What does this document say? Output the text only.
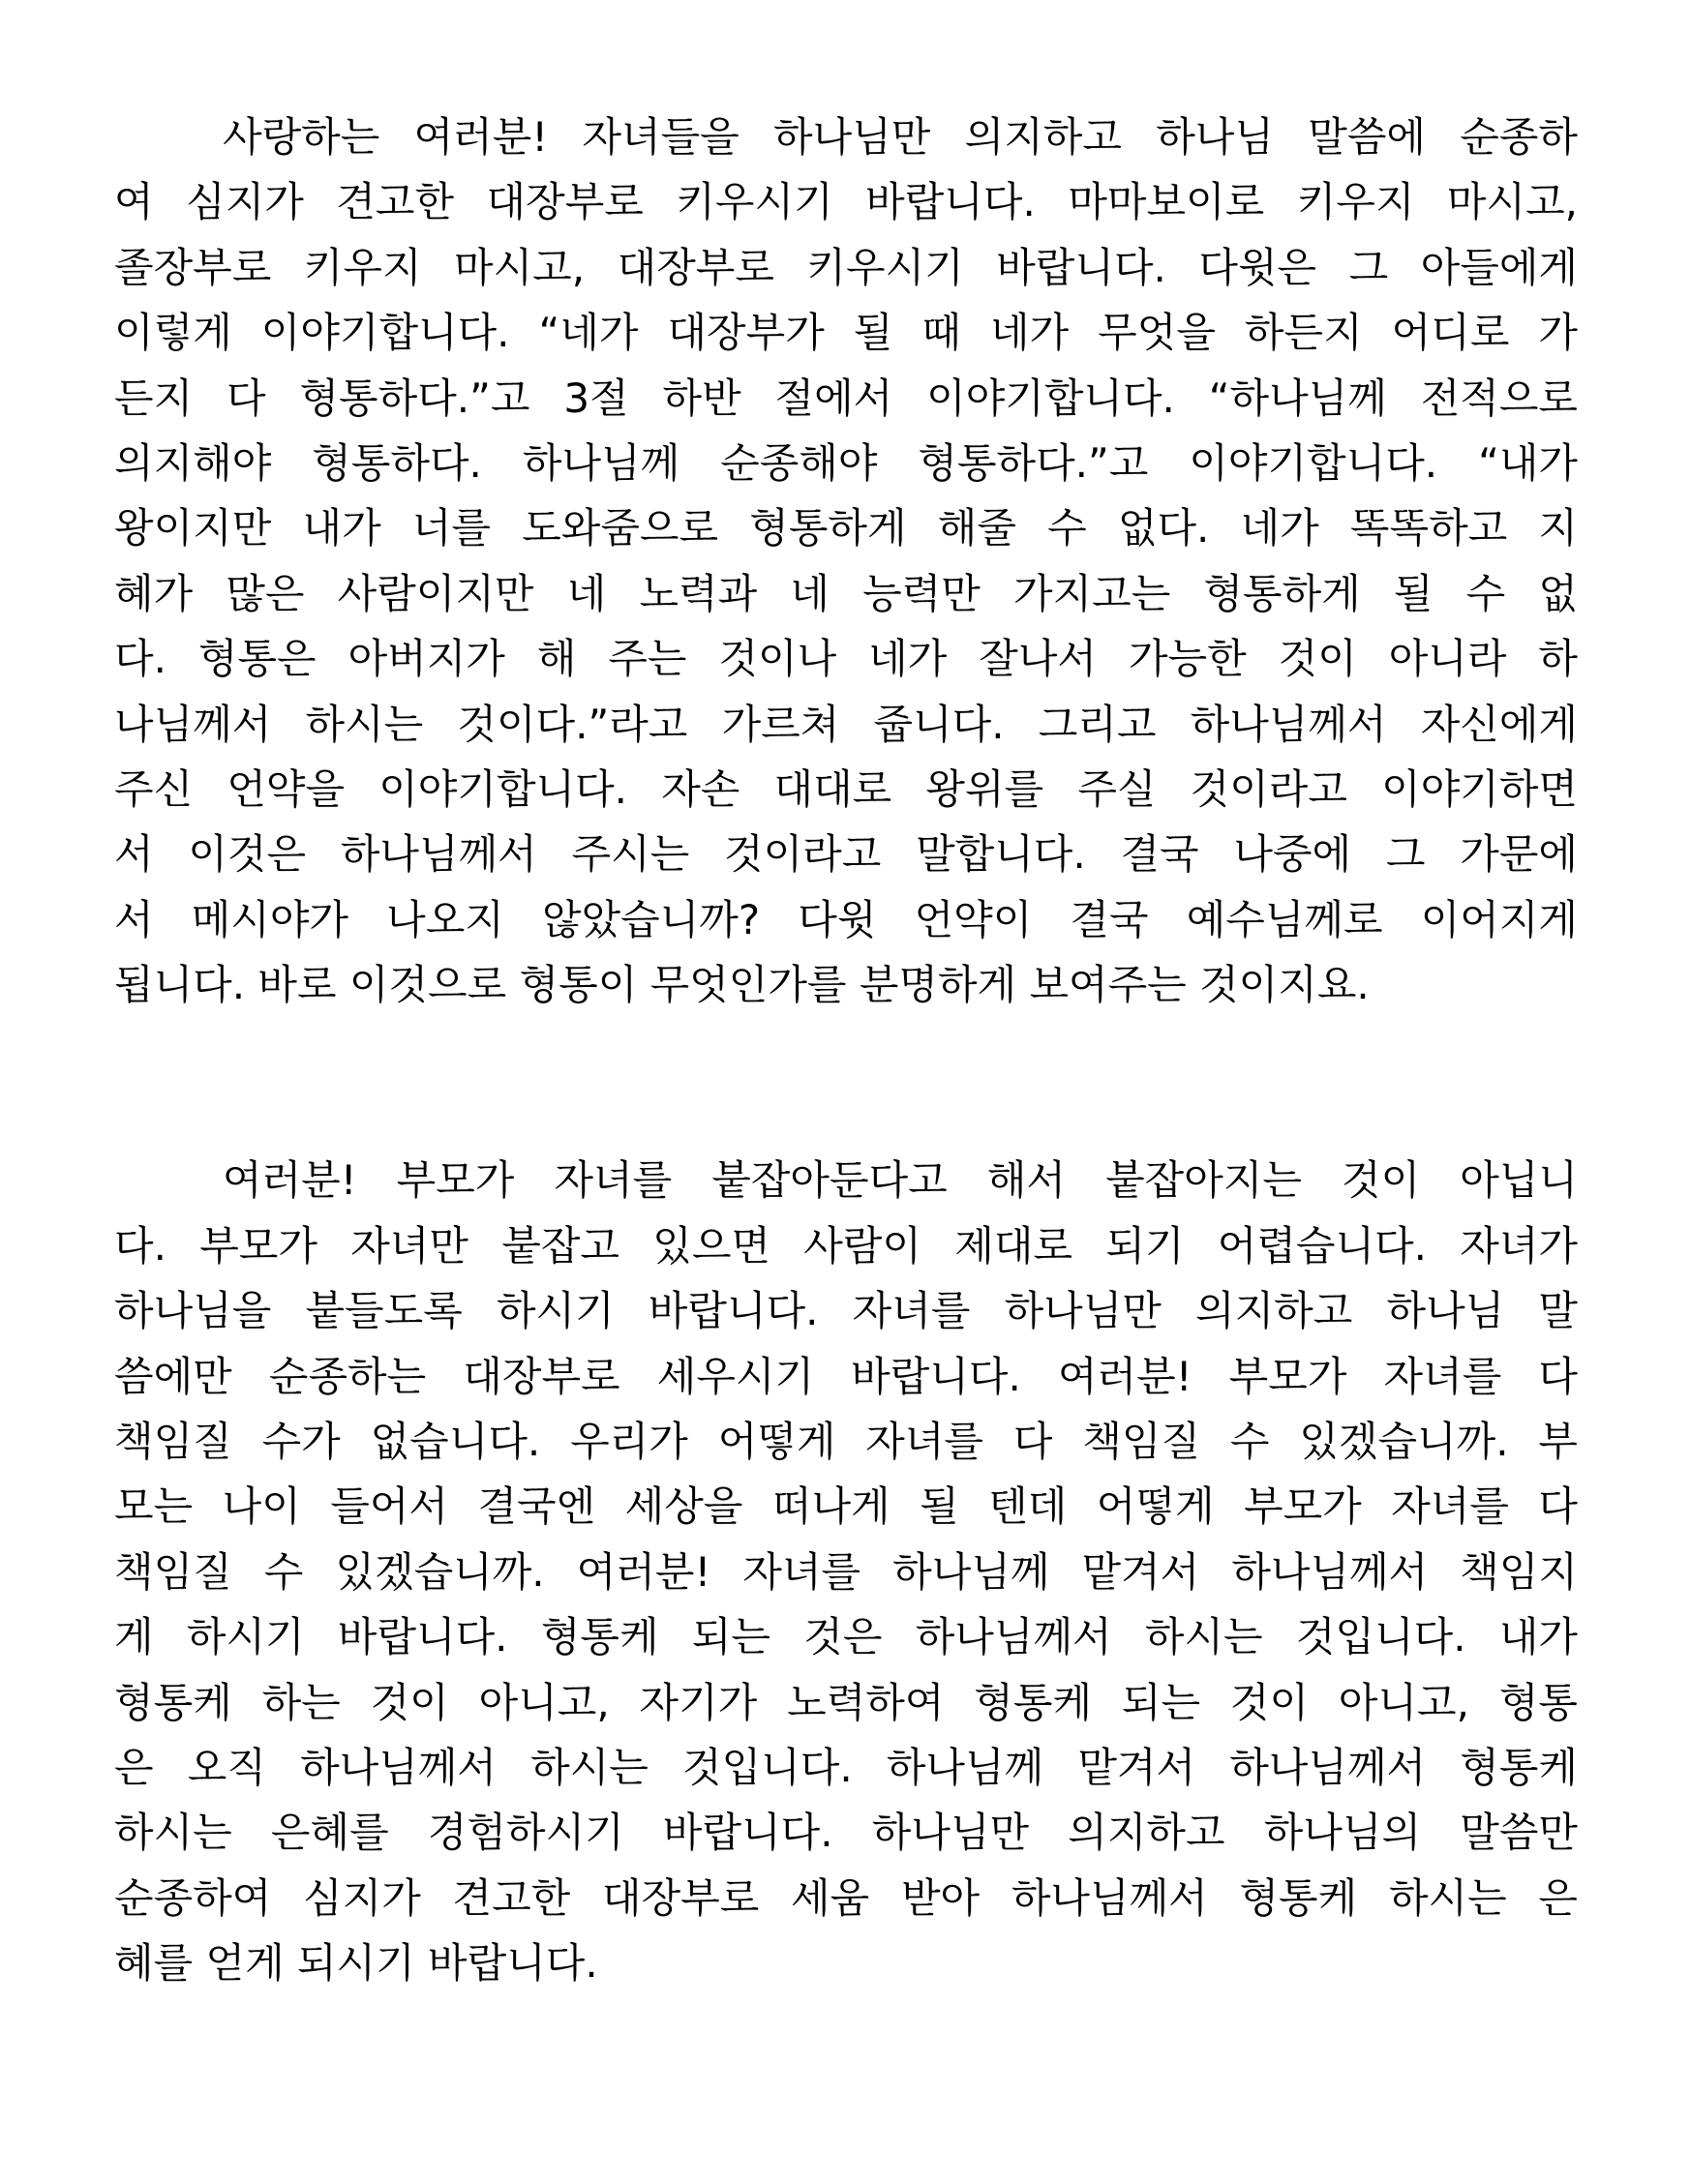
사랑하는 여러분! 자녀들을 하나님만 의지하고 하나님 말씀에 순종하
여 심지가 견고한 대장부로 키우시기 바랍니다. 마마보이로 키우지 마시고,
졸장부로 키우지 마시고, 대장부로 키우시기 바랍니다. 다윗은 그 아들에게
이렇게 이야기합니다. “네가 대장부가 될 때 네가 무엇을 하든지 어디로 가
든지 다 형통하다.”고 3절 하반 절에서 이야기합니다. “하나님께 전적으로
의지해야 형통하다. 하나님께 순종해야 형통하다.”고 이야기합니다. “내가
왕이지만 내가 너를 도와줌으로 형통하게 해줄 수 없다. 네가 똑똑하고 지
혜가 많은 사람이지만 네 노력과 네 능력만 가지고는 형통하게 될 수 없
다. 형통은 아버지가 해 주는 것이나 네가 잘나서 가능한 것이 아니라 하
나님께서 하시는 것이다.”라고 가르쳐 줍니다. 그리고 하나님께서 자신에게
주신 언약을 이야기합니다. 자손 대대로 왕위를 주실 것이라고 이야기하면
서 이것은 하나님께서 주시는 것이라고 말합니다. 결국 나중에 그 가문에
서 메시야가 나오지 않았습니까? 다윗 언약이 결국 예수님께로 이어지게
됩니다. 바로 이것으로 형통이 무엇인가를 분명하게 보여주는 것이지요.
여러분! 부모가 자녀를 붙잡아둔다고 해서 붙잡아지는 것이 아닙니
다. 부모가 자녀만 붙잡고 있으면 사람이 제대로 되기 어렵습니다. 자녀가
하나님을 붙들도록 하시기 바랍니다. 자녀를 하나님만 의지하고 하나님 말
씀에만 순종하는 대장부로 세우시기 바랍니다. 여러분! 부모가 자녀를 다
책임질 수가 없습니다. 우리가 어떻게 자녀를 다 책임질 수 있겠습니까. 부
모는 나이 들어서 결국엔 세상을 떠나게 될 텐데 어떻게 부모가 자녀를 다
책임질 수 있겠습니까. 여러분! 자녀를 하나님께 맡겨서 하나님께서 책임지
게 하시기 바랍니다. 형통케 되는 것은 하나님께서 하시는 것입니다. 내가
형통케 하는 것이 아니고, 자기가 노력하여 형통케 되는 것이 아니고, 형통
은 오직 하나님께서 하시는 것입니다. 하나님께 맡겨서 하나님께서 형통케
하시는 은혜를 경험하시기 바랍니다. 하나님만 의지하고 하나님의 말씀만
순종하여 심지가 견고한 대장부로 세움 받아 하나님께서 형통케 하시는 은
혜를 얻게 되시기 바랍니다.
